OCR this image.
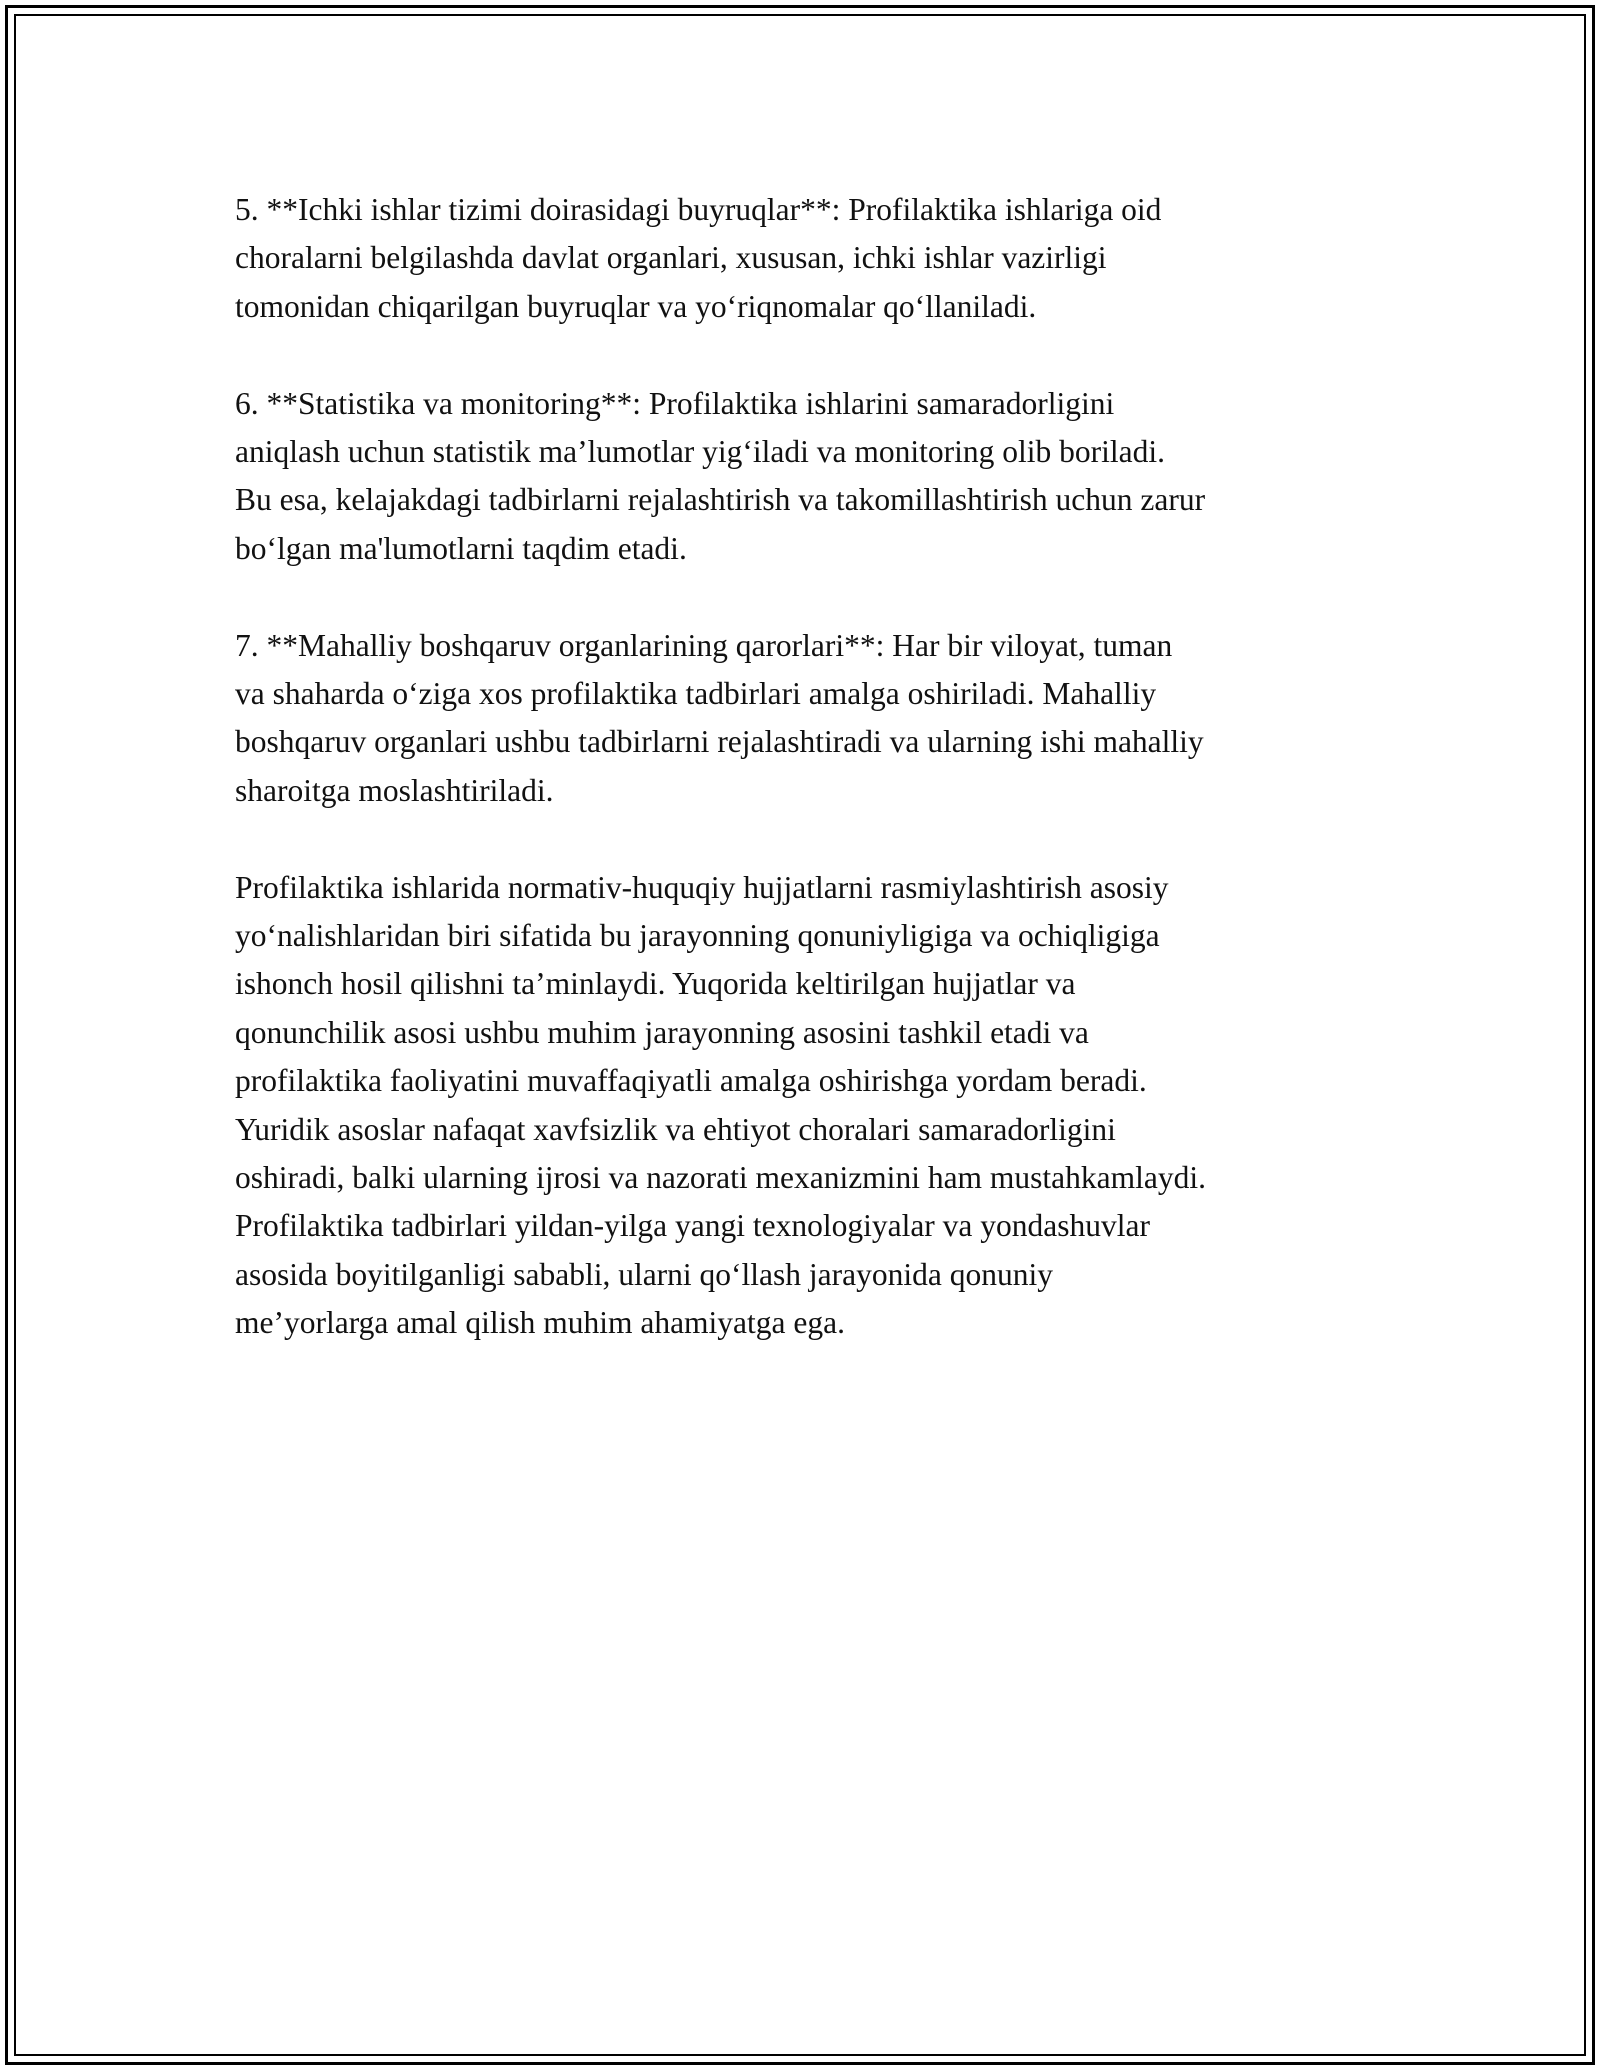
5. **Ichki ishlar tizimi doirasidagi buyruqlar**: Profilaktika ishlariga oid
choralarni belgilashda davlat organlari, xususan, ichki ishlar vazirligi
tomonidan chiqarilgan buyruqlar va yo‘riqnomalar qo‘llaniladi.

6. **Statistika va monitoring**: Profilaktika ishlarini samaradorligini
aniqlash uchun statistik ma’lumotlar yig‘iladi va monitoring olib boriladi.
Bu esa, kelajakdagi tadbirlarni rejalashtirish va takomillashtirish uchun zarur
bo‘lgan ma'lumotlarni taqdim etadi.

7. **Mahalliy boshqaruv organlarining qarorlari**: Har bir viloyat, tuman
va shaharda o‘ziga xos profilaktika tadbirlari amalga oshiriladi. Mahalliy
boshqaruv organlari ushbu tadbirlarni rejalashtiradi va ularning ishi mahalliy
sharoitga moslashtiriladi.

Profilaktika ishlarida normativ-huquqiy hujjatlarni rasmiylashtirish asosiy
yo‘nalishlaridan biri sifatida bu jarayonning qonuniyligiga va ochiqligiga
ishonch hosil qilishni ta’minlaydi. Yuqorida keltirilgan hujjatlar va
qonunchilik asosi ushbu muhim jarayonning asosini tashkil etadi va
profilaktika faoliyatini muvaffaqiyatli amalga oshirishga yordam beradi.
Yuridik asoslar nafaqat xavfsizlik va ehtiyot choralari samaradorligini
oshiradi, balki ularning ijrosi va nazorati mexanizmini ham mustahkamlaydi.
Profilaktika tadbirlari yildan-yilga yangi texnologiyalar va yondashuvlar
asosida boyitilganligi sababli, ularni qo‘llash jarayonida qonuniy
me’yorlarga amal qilish muhim ahamiyatga ega.
